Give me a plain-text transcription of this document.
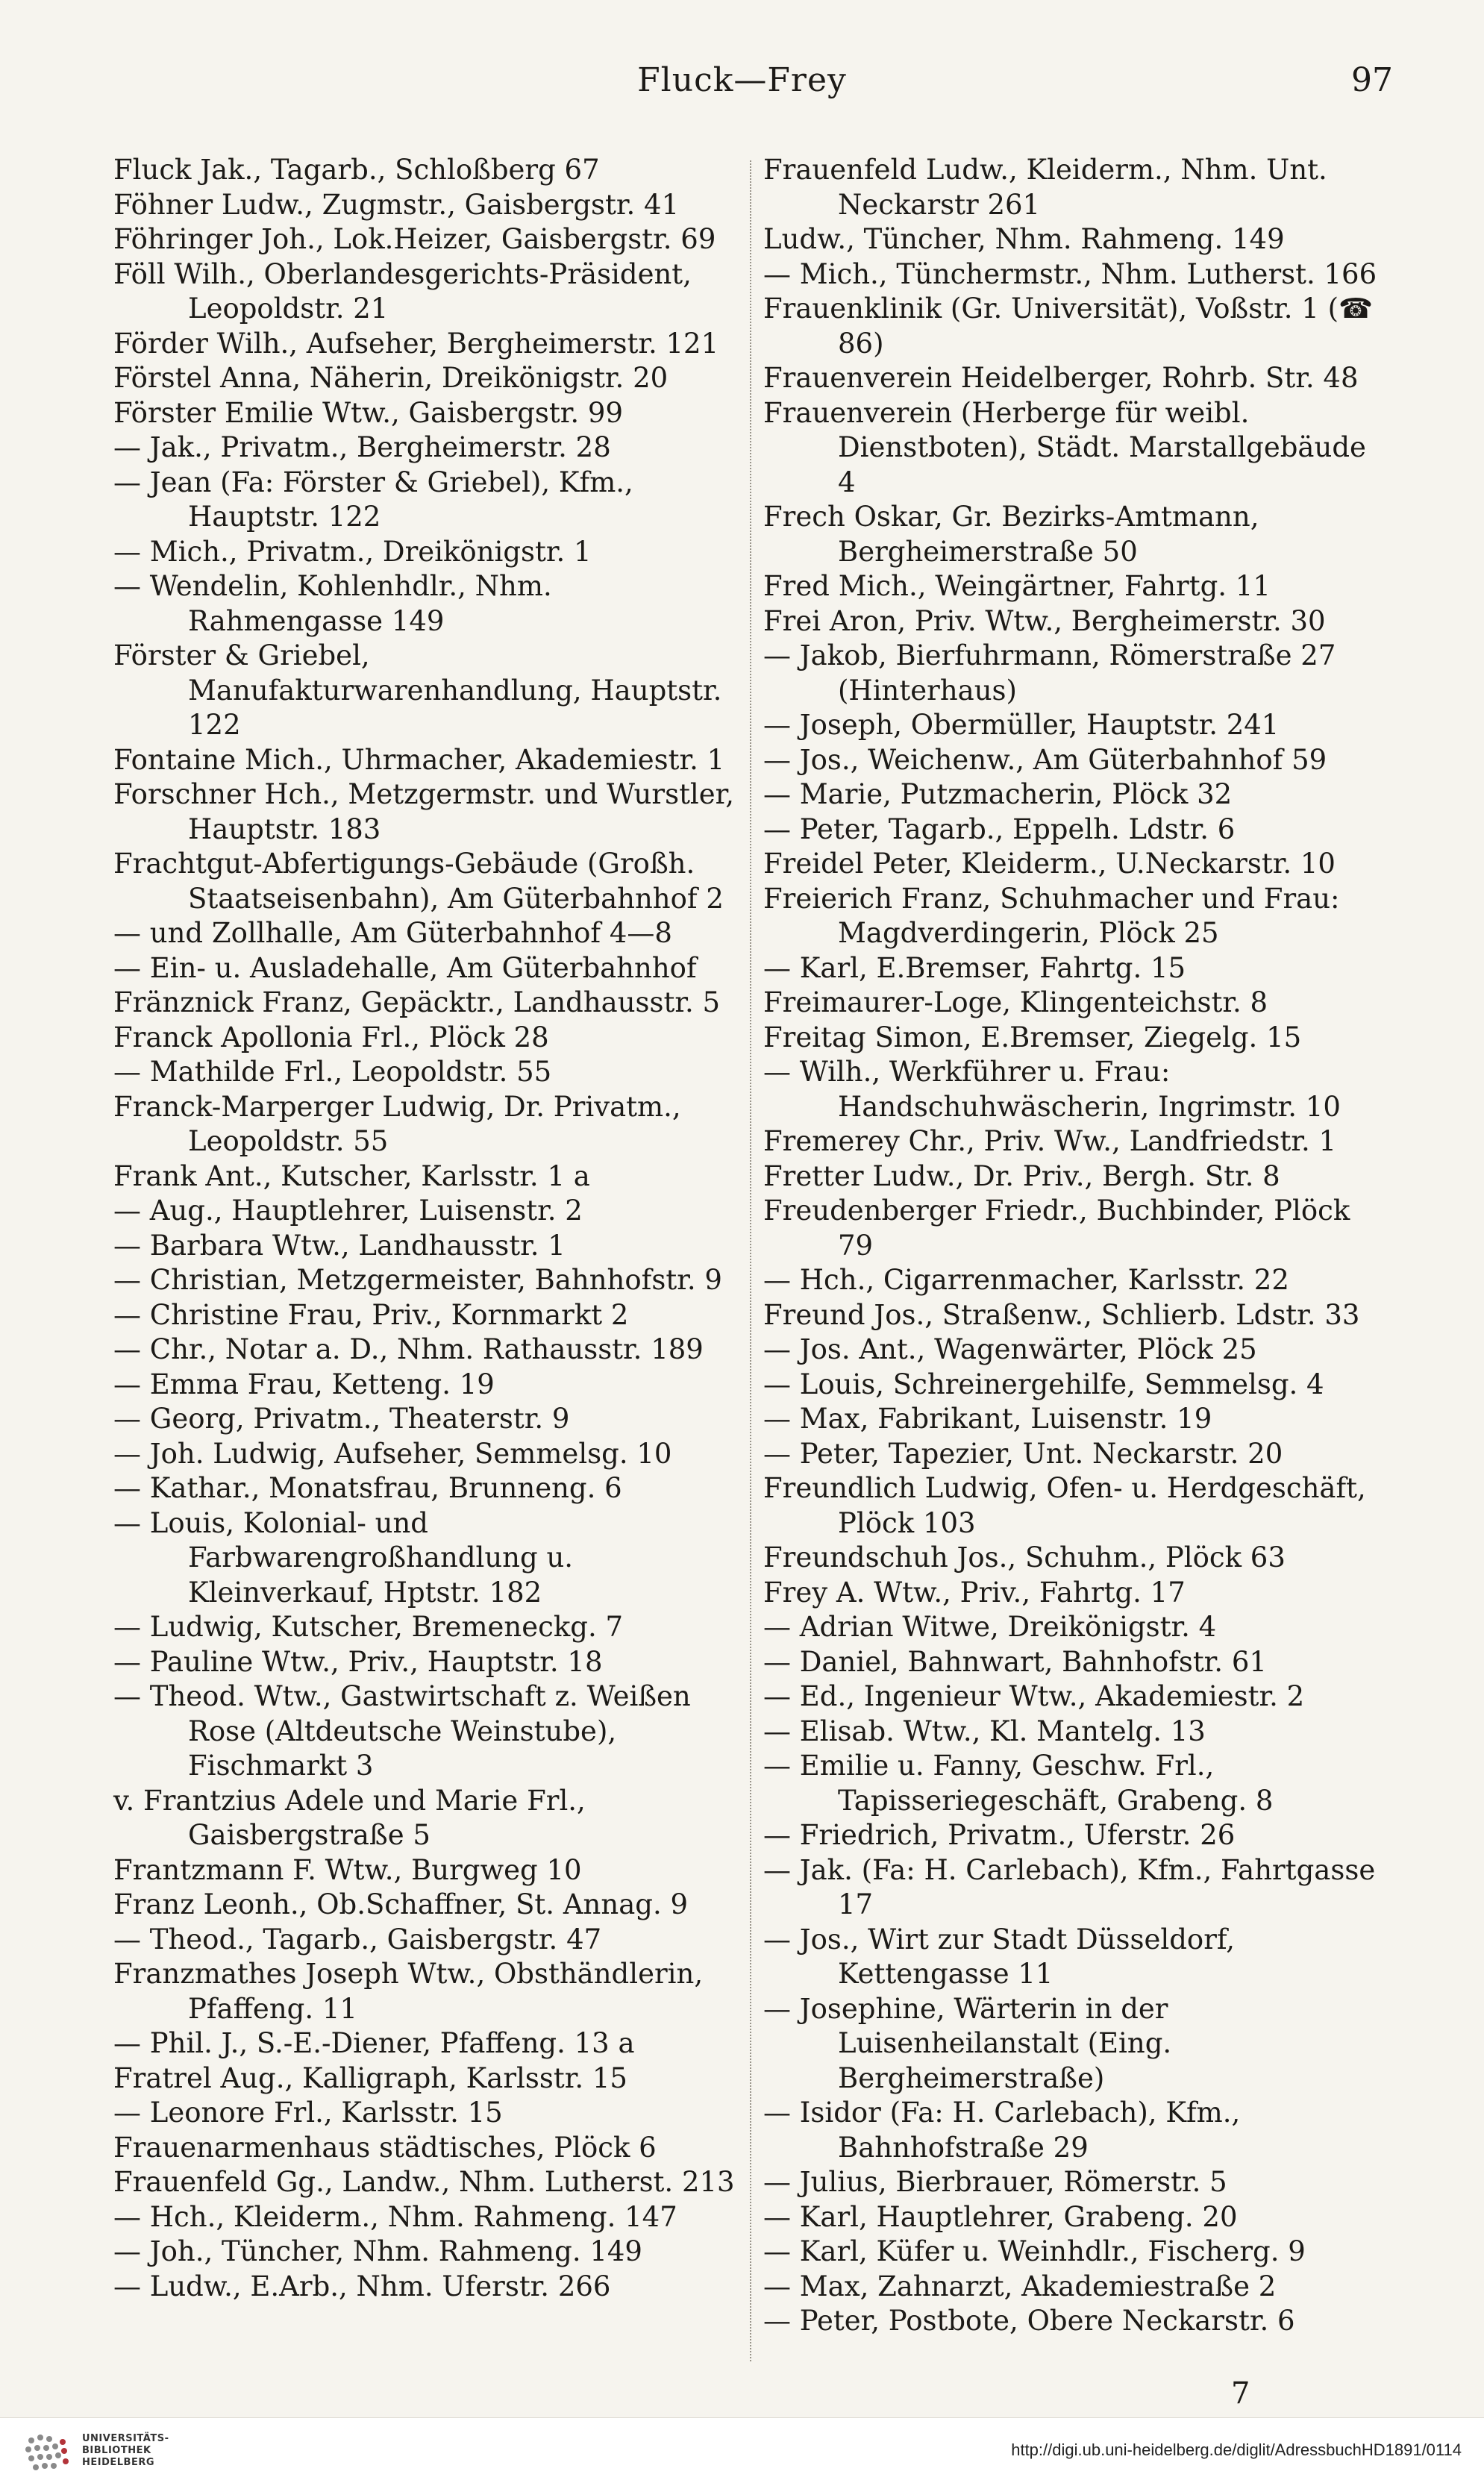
Fluck—Frey	97

Fluck Jak., Tagarb., Schloßberg 67

Föhner Ludw., Zugmstr., Gaisbergstr. 41

Föhringer Joh., Lok.Heizer, Gaisbergstr. 69

Föll Wilh., Oberlandesgerichts-Präsident, Leopoldstr. 21

Förder Wilh., Aufseher, Bergheimerstr. 121

Förstel Anna, Näherin, Dreikönigstr. 20

Förster Emilie Wtw., Gaisbergstr. 99

— Jak., Privatm., Bergheimerstr. 28

— Jean (Fa: Förster & Griebel), Kfm., Hauptstr. 122

— Mich., Privatm., Dreikönigstr. 1

— Wendelin, Kohlenhdlr., Nhm. Rahmengasse 149

Förster & Griebel, Manufakturwarenhandlung, Hauptstr. 122

Fontaine Mich., Uhrmacher, Akademiestr. 1

Forschner Hch., Metzgermstr. und Wurstler, Hauptstr. 183

Frachtgut-Abfertigungs-Gebäude (Großh. Staatseisenbahn), Am Güterbahnhof 2

— und Zollhalle, Am Güterbahnhof 4—8

— Ein- u. Ausladehalle, Am Güterbahnhof

Fränznick Franz, Gepäcktr., Landhausstr. 5

Franck Apollonia Frl., Plöck 28

— Mathilde Frl., Leopoldstr. 55

Franck-Marperger Ludwig, Dr. Privatm., Leopoldstr. 55

Frank Ant., Kutscher, Karlsstr. 1 a

— Aug., Hauptlehrer, Luisenstr. 2

— Barbara Wtw., Landhausstr. 1

— Christian, Metzgermeister, Bahnhofstr. 9

— Christine Frau, Priv., Kornmarkt 2

— Chr., Notar a. D., Nhm. Rathausstr. 189

— Emma Frau, Ketteng. 19

— Georg, Privatm., Theaterstr. 9

— Joh. Ludwig, Aufseher, Semmelsg. 10

— Kathar., Monatsfrau, Brunneng. 6

— Louis, Kolonial- und Farbwarengroßhandlung u. Kleinverkauf, Hptstr. 182

— Ludwig, Kutscher, Bremeneckg. 7

— Pauline Wtw., Priv., Hauptstr. 18

— Theod. Wtw., Gastwirtschaft z. Weißen Rose (Altdeutsche Weinstube), Fischmarkt 3

v. Frantzius Adele und Marie Frl., Gaisbergstraße 5

Frantzmann F. Wtw., Burgweg 10

Franz Leonh., Ob.Schaffner, St. Annag. 9

— Theod., Tagarb., Gaisbergstr. 47

Franzmathes Joseph Wtw., Obsthändlerin, Pfaffeng. 11

— Phil. J., S.-E.-Diener, Pfaffeng. 13 a

Fratrel Aug., Kalligraph, Karlsstr. 15

— Leonore Frl., Karlsstr. 15

Frauenarmenhaus städtisches, Plöck 6

Frauenfeld Gg., Landw., Nhm. Lutherst. 213

— Hch., Kleiderm., Nhm. Rahmeng. 147

— Joh., Tüncher, Nhm. Rahmeng. 149

— Ludw., E.Arb., Nhm. Uferstr. 266

Frauenfeld Ludw., Kleiderm., Nhm. Unt. Neckarstr 261

Ludw., Tüncher, Nhm. Rahmeng. 149

— Mich., Tünchermstr., Nhm. Lutherst. 166

Frauenklinik (Gr. Universität), Voßstr. 1 (☎ 86)

Frauenverein Heidelberger, Rohrb. Str. 48

Frauenverein (Herberge für weibl. Dienstboten), Städt. Marstallgebäude 4

Frech Oskar, Gr. Bezirks-Amtmann, Bergheimerstraße 50

Fred Mich., Weingärtner, Fahrtg. 11

Frei Aron, Priv. Wtw., Bergheimerstr. 30

— Jakob, Bierfuhrmann, Römerstraße 27 (Hinterhaus)

— Joseph, Obermüller, Hauptstr. 241

— Jos., Weichenw., Am Güterbahnhof 59

— Marie, Putzmacherin, Plöck 32

— Peter, Tagarb., Eppelh. Ldstr. 6

Freidel Peter, Kleiderm., U.Neckarstr. 10

Freierich Franz, Schuhmacher und Frau: Magdverdingerin, Plöck 25

— Karl, E.Bremser, Fahrtg. 15

Freimaurer-Loge, Klingenteichstr. 8

Freitag Simon, E.Bremser, Ziegelg. 15

— Wilh., Werkführer u. Frau: Handschuhwäscherin, Ingrimstr. 10

Fremerey Chr., Priv. Ww., Landfriedstr. 1

Fretter Ludw., Dr. Priv., Bergh. Str. 8

Freudenberger Friedr., Buchbinder, Plöck 79

— Hch., Cigarrenmacher, Karlsstr. 22

Freund Jos., Straßenw., Schlierb. Ldstr. 33

— Jos. Ant., Wagenwärter, Plöck 25

— Louis, Schreinergehilfe, Semmelsg. 4

— Max, Fabrikant, Luisenstr. 19

— Peter, Tapezier, Unt. Neckarstr. 20

Freundlich Ludwig, Ofen- u. Herdgeschäft, Plöck 103

Freundschuh Jos., Schuhm., Plöck 63

Frey A. Wtw., Priv., Fahrtg. 17

— Adrian Witwe, Dreikönigstr. 4

— Daniel, Bahnwart, Bahnhofstr. 61

— Ed., Ingenieur Wtw., Akademiestr. 2

— Elisab. Wtw., Kl. Mantelg. 13

— Emilie u. Fanny, Geschw. Frl., Tapisseriegeschäft, Grabeng. 8

— Friedrich, Privatm., Uferstr. 26

— Jak. (Fa: H. Carlebach), Kfm., Fahrtgasse 17

— Jos., Wirt zur Stadt Düsseldorf, Kettengasse 11

— Josephine, Wärterin in der Luisenheilanstalt (Eing. Bergheimerstraße)

— Isidor (Fa: H. Carlebach), Kfm., Bahnhofstraße 29

— Julius, Bierbrauer, Römerstr. 5

— Karl, Hauptlehrer, Grabeng. 20

— Karl, Küfer u. Weinhdlr., Fischerg. 9

— Max, Zahnarzt, Akademiestraße 2

— Peter, Postbote, Obere Neckarstr. 6

7
UNIVERSITÄTS-
BIBLIOTHEK
HEIDELBERG
http://digi.ub.uni-heidelberg.de/diglit/AdressbuchHD1891/0114
